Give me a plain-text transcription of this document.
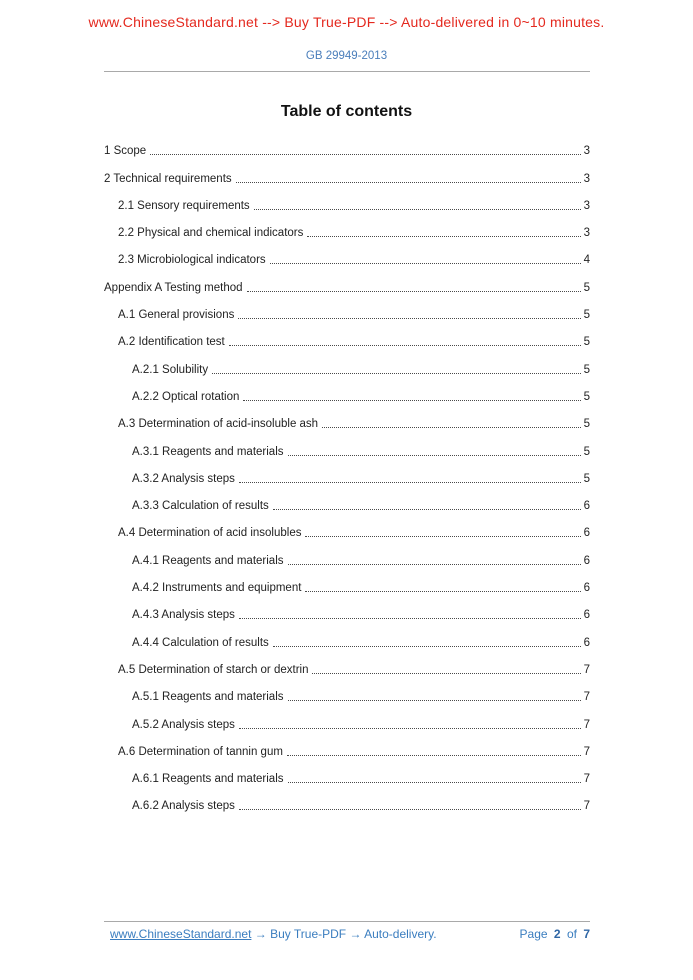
www.ChineseStandard.net --> Buy True-PDF --> Auto-delivered in 0~10 minutes.
GB 29949-2013
Table of contents
1 Scope	3
2 Technical requirements	3
2.1 Sensory requirements	3
2.2 Physical and chemical indicators	3
2.3 Microbiological indicators	4
Appendix A Testing method	5
A.1 General provisions	5
A.2 Identification test	5
A.2.1 Solubility	5
A.2.2 Optical rotation	5
A.3 Determination of acid-insoluble ash	5
A.3.1 Reagents and materials	5
A.3.2 Analysis steps	5
A.3.3 Calculation of results	6
A.4 Determination of acid insolubles	6
A.4.1 Reagents and materials	6
A.4.2 Instruments and equipment	6
A.4.3 Analysis steps	6
A.4.4 Calculation of results	6
A.5 Determination of starch or dextrin	7
A.5.1 Reagents and materials	7
A.5.2 Analysis steps	7
A.6 Determination of tannin gum	7
A.6.1 Reagents and materials	7
A.6.2 Analysis steps	7
www.ChineseStandard.net → Buy True-PDF → Auto-delivery.	Page 2 of 7
